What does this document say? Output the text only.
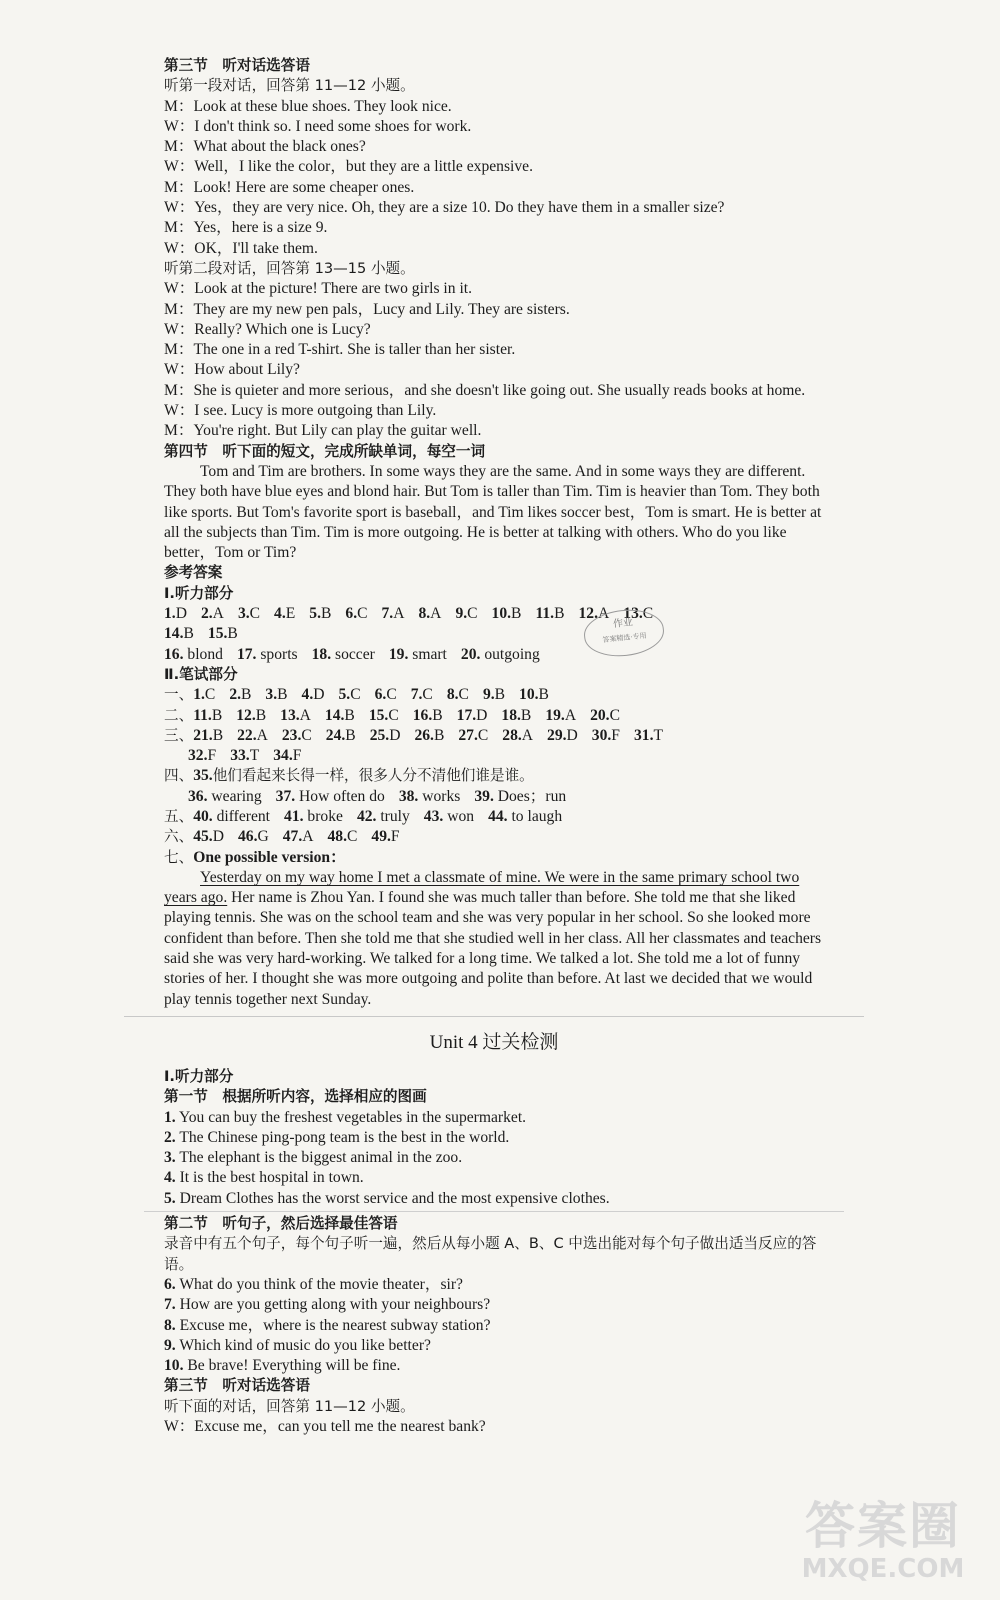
第三节　听对话选答语
听第一段对话，回答第 11—12 小题。
M：Look at these blue shoes. They look nice.
W：I don't think so. I need some shoes for work.
M：What about the black ones?
W：Well，I like the color，but they are a little expensive.
M：Look! Here are some cheaper ones.
W：Yes，they are very nice. Oh, they are a size 10. Do they have them in a smaller size?
M：Yes，here is a size 9.
W：OK，I'll take them.
听第二段对话，回答第 13—15 小题。
W：Look at the picture! There are two girls in it.
M：They are my new pen pals，Lucy and Lily. They are sisters.
W：Really? Which one is Lucy?
M：The one in a red T-shirt. She is taller than her sister.
W：How about Lily?
M：She is quieter and more serious，and she doesn't like going out. She usually reads books at home.
W：I see. Lucy is more outgoing than Lily.
M：You're right. But Lily can play the guitar well.
第四节　听下面的短文，完成所缺单词，每空一词
Tom and Tim are brothers. In some ways they are the same. And in some ways they are different. They both have blue eyes and blond hair. But Tom is taller than Tim. Tim is heavier than Tom. They both like sports. But Tom's favorite sport is baseball，and Tim likes soccer best，Tom is smart. He is better at all the subjects than Tim. Tim is more outgoing. He is better at talking with others. Who do you like better，Tom or Tim?
参考答案
Ⅰ.听力部分
1.D 2.A 3.C 4.E 5.B 6.C 7.A 8.A 9.C 10.B 11.B 12.A 13.C
14.B 15.B
16. blond 17. sports 18. soccer 19. smart 20. outgoing
Ⅱ.笔试部分
一、1.C 2.B 3.B 4.D 5.C 6.C 7.C 8.C 9.B 10.B
二、11.B 12.B 13.A 14.B 15.C 16.B 17.D 18.B 19.A 20.C
三、21.B 22.A 23.C 24.B 25.D 26.B 27.C 28.A 29.D 30.F 31.T
32.F 33.T 34.F
四、35.他们看起来长得一样，很多人分不清他们谁是谁。
36. wearing 37. How often do 38. works 39. Does；run
五、40. different 41. broke 42. truly 43. won 44. to laugh
六、45.D 46.G 47.A 48.C 49.F
七、One possible version：
Yesterday on my way home I met a classmate of mine. We were in the same primary school two years ago. Her name is Zhou Yan. I found she was much taller than before. She told me that she liked playing tennis. She was on the school team and she was very popular in her school. So she looked more confident than before. Then she told me that she studied well in her class. All her classmates and teachers said she was very hard-working. We talked for a long time. We talked a lot. She told me a lot of funny stories of her. I thought she was more outgoing and polite than before. At last we decided that we would play tennis together next Sunday.
Unit 4 过关检测
Ⅰ.听力部分
第一节　根据所听内容，选择相应的图画
1. You can buy the freshest vegetables in the supermarket.
2. The Chinese ping-pong team is the best in the world.
3. The elephant is the biggest animal in the zoo.
4. It is the best hospital in town.
5. Dream Clothes has the worst service and the most expensive clothes.
第二节　听句子，然后选择最佳答语
录音中有五个句子，每个句子听一遍，然后从每小题 A、B、C 中选出能对每个句子做出适当反应的答语。
6. What do you think of the movie theater，sir?
7. How are you getting along with your neighbours?
8. Excuse me，where is the nearest subway station?
9. Which kind of music do you like better?
10. Be brave! Everything will be fine.
第三节　听对话选答语
听下面的对话，回答第 11—12 小题。
W：Excuse me，can you tell me the nearest bank?
作业
答案精选·专用
答案圈
MXQE.COM
